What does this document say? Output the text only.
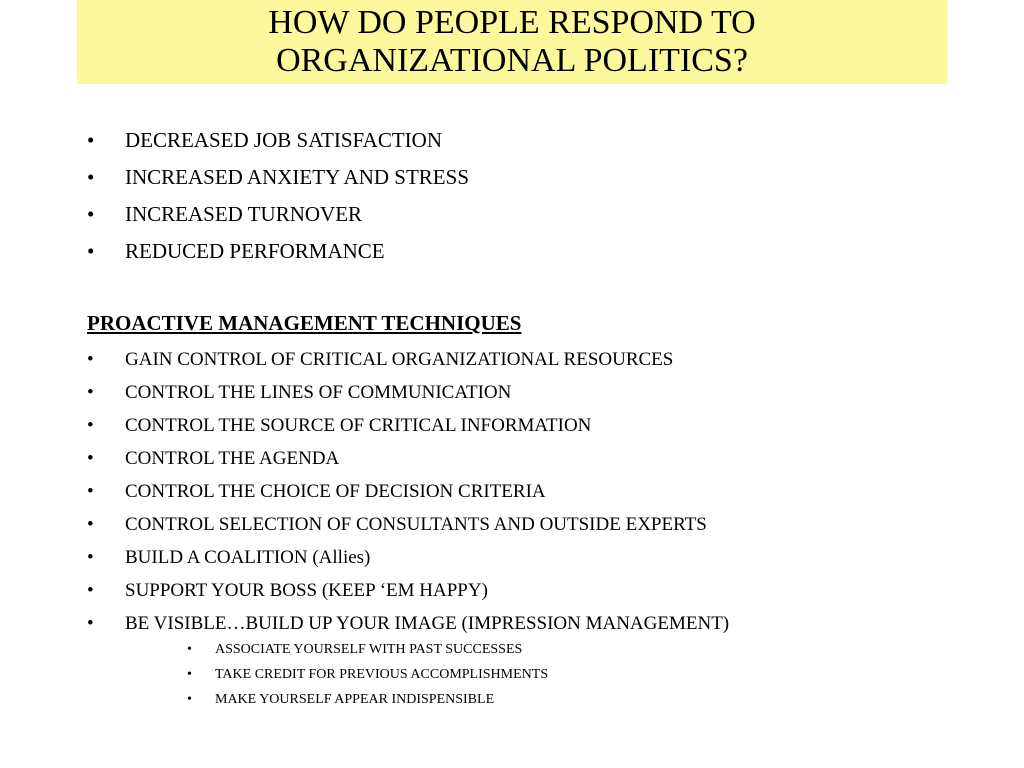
HOW DO PEOPLE RESPOND TO
ORGANIZATIONAL POLITICS?
• DECREASED JOB SATISFACTION
• INCREASED ANXIETY AND STRESS
• INCREASED TURNOVER
• REDUCED PERFORMANCE
PROACTIVE MANAGEMENT TECHNIQUES
• GAIN CONTROL OF CRITICAL ORGANIZATIONAL RESOURCES
• CONTROL THE LINES OF COMMUNICATION
• CONTROL THE SOURCE OF CRITICAL INFORMATION
• CONTROL THE AGENDA
• CONTROL THE CHOICE OF DECISION CRITERIA
• CONTROL SELECTION OF CONSULTANTS AND OUTSIDE EXPERTS
• BUILD A COALITION (Allies)
• SUPPORT YOUR BOSS (KEEP ‘EM HAPPY)
• BE VISIBLE…BUILD UP YOUR IMAGE (IMPRESSION MANAGEMENT)
• ASSOCIATE YOURSELF WITH PAST SUCCESSES
• TAKE CREDIT FOR PREVIOUS ACCOMPLISHMENTS
• MAKE YOURSELF APPEAR INDISPENSIBLE
